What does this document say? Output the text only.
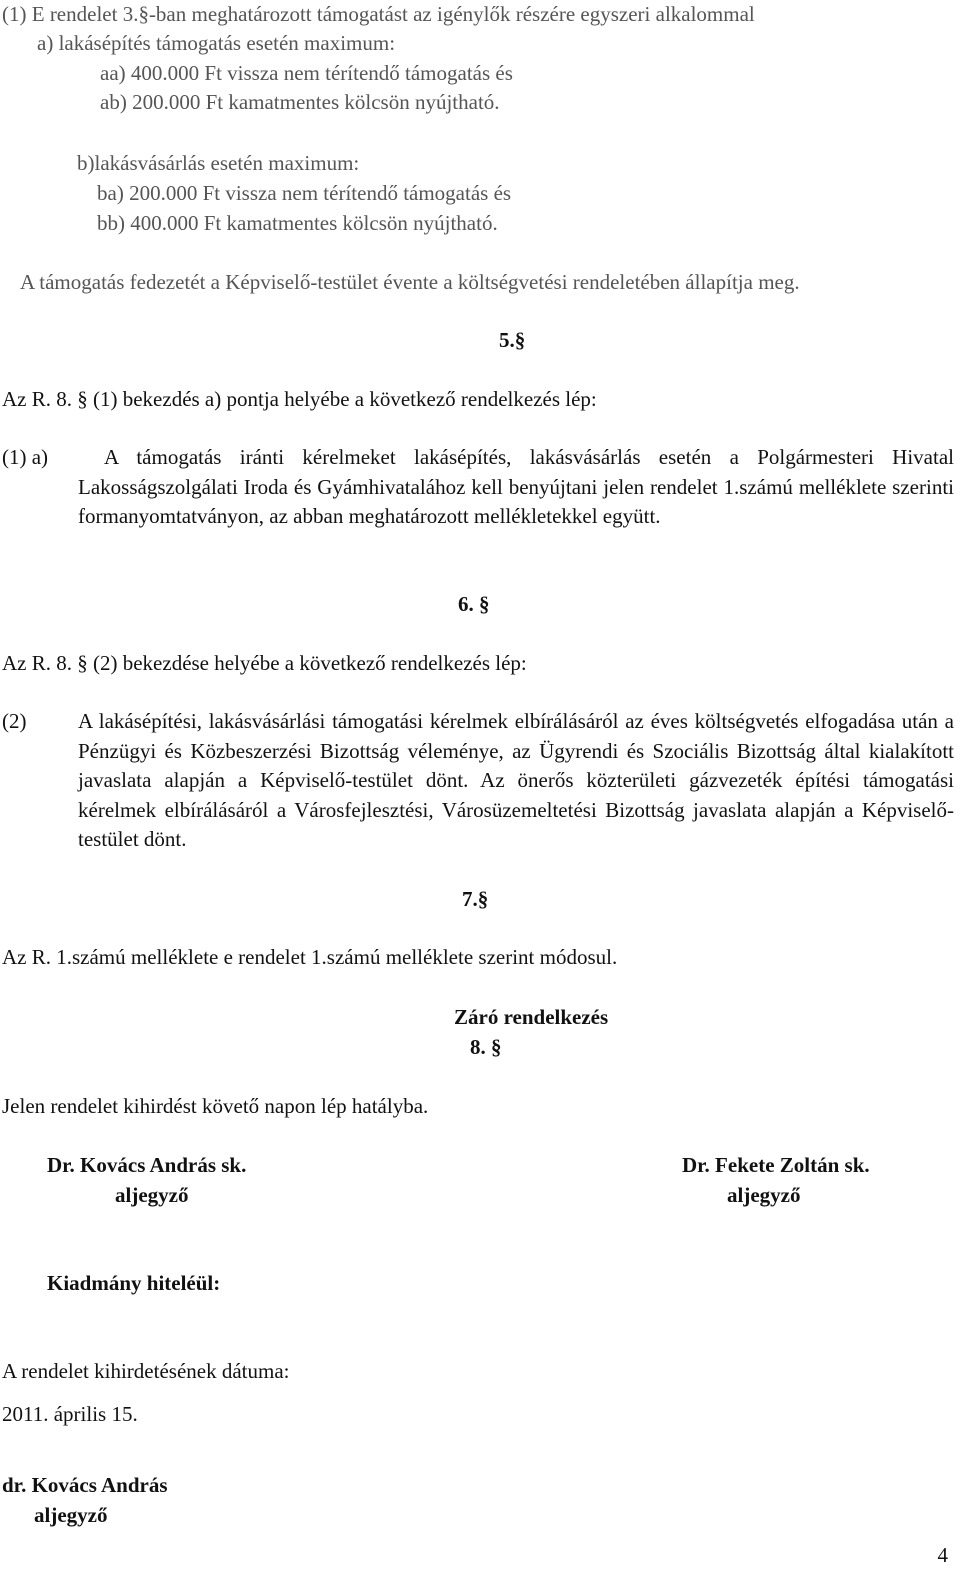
(1) E rendelet 3.§-ban meghatározott támogatást az igénylők részére egyszeri alkalommal

a) lakásépítés támogatás esetén maximum:

aa) 400.000 Ft vissza nem térítendő támogatás és

ab) 200.000 Ft kamatmentes kölcsön nyújtható.

b)lakásvásárlás esetén maximum:

ba) 200.000 Ft vissza nem térítendő támogatás és

bb) 400.000 Ft kamatmentes kölcsön nyújtható.

A támogatás fedezetét a Képviselő-testület évente a költségvetési rendeletében állapítja meg.

5.§

Az R. 8. § (1) bekezdés a) pontja helyébe a következő rendelkezés lép:

(1) a)	A támogatás iránti kérelmeket lakásépítés, lakásvásárlás esetén a Polgármesteri Hivatal Lakosságszolgálati Iroda és Gyámhivatalához kell benyújtani jelen rendelet 1.számú melléklete szerinti formanyomtatványon, az abban meghatározott mellékletekkel együtt.

6. §

Az R. 8. § (2) bekezdése helyébe a következő rendelkezés lép:

(2) A lakásépítési, lakásvásárlási támogatási kérelmek elbírálásáról az éves költségvetés elfogadása után a Pénzügyi és Közbeszerzési Bizottság véleménye, az Ügyrendi és Szociális Bizottság által kialakított javaslata alapján a Képviselő-testület dönt. Az önerős közterületi gázvezeték építési támogatási kérelmek elbírálásáról a Városfejlesztési, Városüzemeltetési Bizottság javaslata alapján a Képviselő-testület dönt.

7.§

Az R. 1.számú melléklete e rendelet 1.számú melléklete szerint módosul.

Záró rendelkezés

8. §

Jelen rendelet kihirdést követő napon lép hatályba.

Dr. Kovács András sk.

aljegyző

Dr. Fekete Zoltán sk.

aljegyző

Kiadmány hiteléül:

A rendelet kihirdetésének dátuma:

2011. április 15.

dr. Kovács András

aljegyző

4
